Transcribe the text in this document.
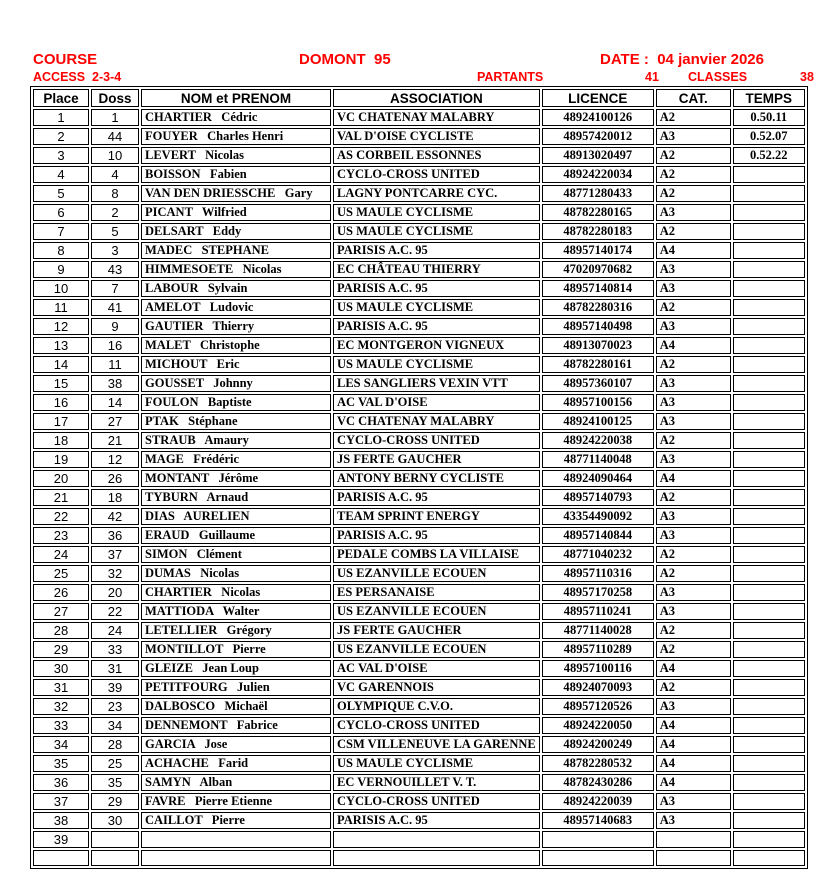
COURSE	DOMONT  95	DATE :  04 janvier 2026
ACCESS  2-3-4	PARTANTS	41 CLASSES	38
Place	Doss	NOM et PRENOM	ASSOCIATION	LICENCE	CAT.	TEMPS
1	1	CHARTIER   Cédric	VC CHATENAY MALABRY	48924100126	A2	0.50.11
2	44	FOUYER   Charles Henri	VAL D'OISE CYCLISTE	48957420012	A3	0.52.07
3	10	LEVERT   Nicolas	AS CORBEIL ESSONNES	48913020497	A2	0.52.22
4	4	BOISSON   Fabien	CYCLO-CROSS UNITED	48924220034	A2	
5	8	VAN DEN DRIESSCHE   Gary	LAGNY PONTCARRE CYC.	48771280433	A2	
6	2	PICANT   Wilfried	US MAULE CYCLISME	48782280165	A3	
7	5	DELSART   Eddy	US MAULE CYCLISME	48782280183	A2	
8	3	MADEC   STEPHANE	PARISIS A.C. 95	48957140174	A4	
9	43	HIMMESOETE   Nicolas	EC CHÂTEAU THIERRY	47020970682	A3	
10	7	LABOUR   Sylvain	PARISIS A.C. 95	48957140814	A3	
11	41	AMELOT   Ludovic	US MAULE CYCLISME	48782280316	A2	
12	9	GAUTIER   Thierry	PARISIS A.C. 95	48957140498	A3	
13	16	MALET   Christophe	EC MONTGERON VIGNEUX	48913070023	A4	
14	11	MICHOUT   Eric	US MAULE CYCLISME	48782280161	A2	
15	38	GOUSSET   Johnny	LES SANGLIERS VEXIN VTT	48957360107	A3	
16	14	FOULON   Baptiste	AC VAL D'OISE	48957100156	A3	
17	27	PTAK   Stéphane	VC CHATENAY MALABRY	48924100125	A3	
18	21	STRAUB   Amaury	CYCLO-CROSS UNITED	48924220038	A2	
19	12	MAGE   Frédéric	JS FERTE GAUCHER	48771140048	A3	
20	26	MONTANT   Jérôme	ANTONY BERNY CYCLISTE	48924090464	A4	
21	18	TYBURN   Arnaud	PARISIS A.C. 95	48957140793	A2	
22	42	DIAS   AURELIEN	TEAM SPRINT ENERGY	43354490092	A3	
23	36	ERAUD   Guillaume	PARISIS A.C. 95	48957140844	A3	
24	37	SIMON   Clément	PEDALE COMBS LA VILLAISE	48771040232	A2	
25	32	DUMAS   Nicolas	US EZANVILLE ECOUEN	48957110316	A2	
26	20	CHARTIER   Nicolas	ES PERSANAISE	48957170258	A3	
27	22	MATTIODA   Walter	US EZANVILLE ECOUEN	48957110241	A3	
28	24	LETELLIER   Grégory	JS FERTE GAUCHER	48771140028	A2	
29	33	MONTILLOT   Pierre	US EZANVILLE ECOUEN	48957110289	A2	
30	31	GLEIZE   Jean Loup	AC VAL D'OISE	48957100116	A4	
31	39	PETITFOURG   Julien	VC GARENNOIS	48924070093	A2	
32	23	DALBOSCO   Michaël	OLYMPIQUE C.V.O.	48957120526	A3	
33	34	DENNEMONT   Fabrice	CYCLO-CROSS UNITED	48924220050	A4	
34	28	GARCIA   Jose	CSM VILLENEUVE LA GARENNE	48924200249	A4	
35	25	ACHACHE   Farid	US MAULE CYCLISME	48782280532	A4	
36	35	SAMYN   Alban	EC VERNOUILLET V. T.	48782430286	A4	
37	29	FAVRE   Pierre Etienne	CYCLO-CROSS UNITED	48924220039	A3	
38	30	CAILLOT   Pierre	PARISIS A.C. 95	48957140683	A3	
39						
